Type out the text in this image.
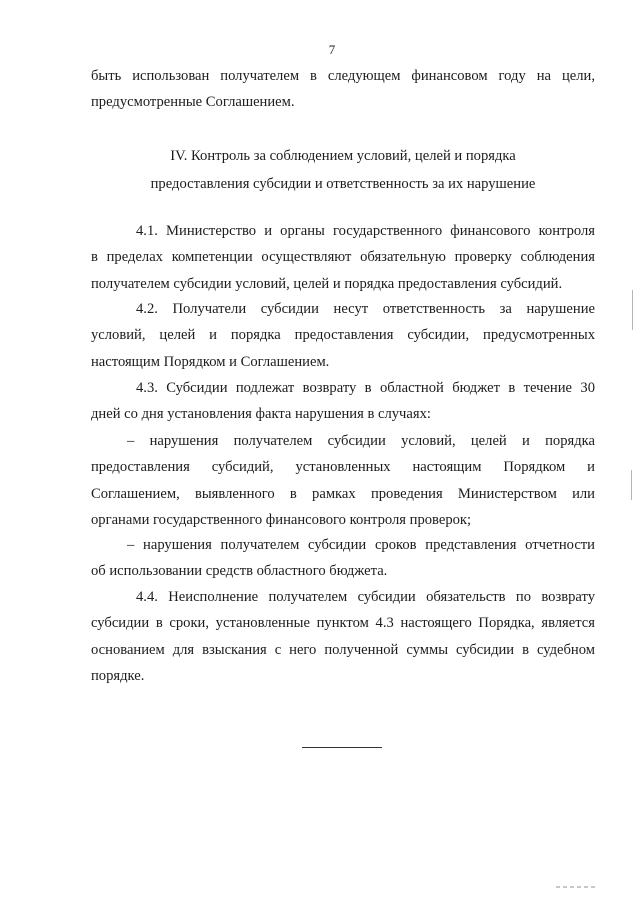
7

быть использован получателем в следующем финансовом году на цели,

предусмотренные Соглашением.

IV. Контроль за соблюдением условий, целей и порядка
предоставления субсидии и ответственность за их нарушение

4.1. Министерство и органы государственного финансового контроля

в пределах компетенции осуществляют обязательную проверку соблюдения

получателем субсидии условий, целей и порядка предоставления субсидий.

4.2. Получатели субсидии несут ответственность за нарушение

условий, целей и порядка предоставления субсидии, предусмотренных

настоящим Порядком и Соглашением.

4.3. Субсидии подлежат возврату в областной бюджет в течение 30

дней со дня установления факта нарушения в случаях:

– нарушения получателем субсидии условий, целей и порядка

предоставления субсидий, установленных настоящим Порядком и

Соглашением, выявленного в рамках проведения Министерством или

органами государственного финансового контроля проверок;

– нарушения получателем субсидии сроков представления отчетности

об использовании средств областного бюджета.

4.4. Неисполнение получателем субсидии обязательств по возврату

субсидии в сроки, установленные пунктом 4.3 настоящего Порядка, является

основанием для взыскания с него полученной суммы субсидии в судебном

порядке.
